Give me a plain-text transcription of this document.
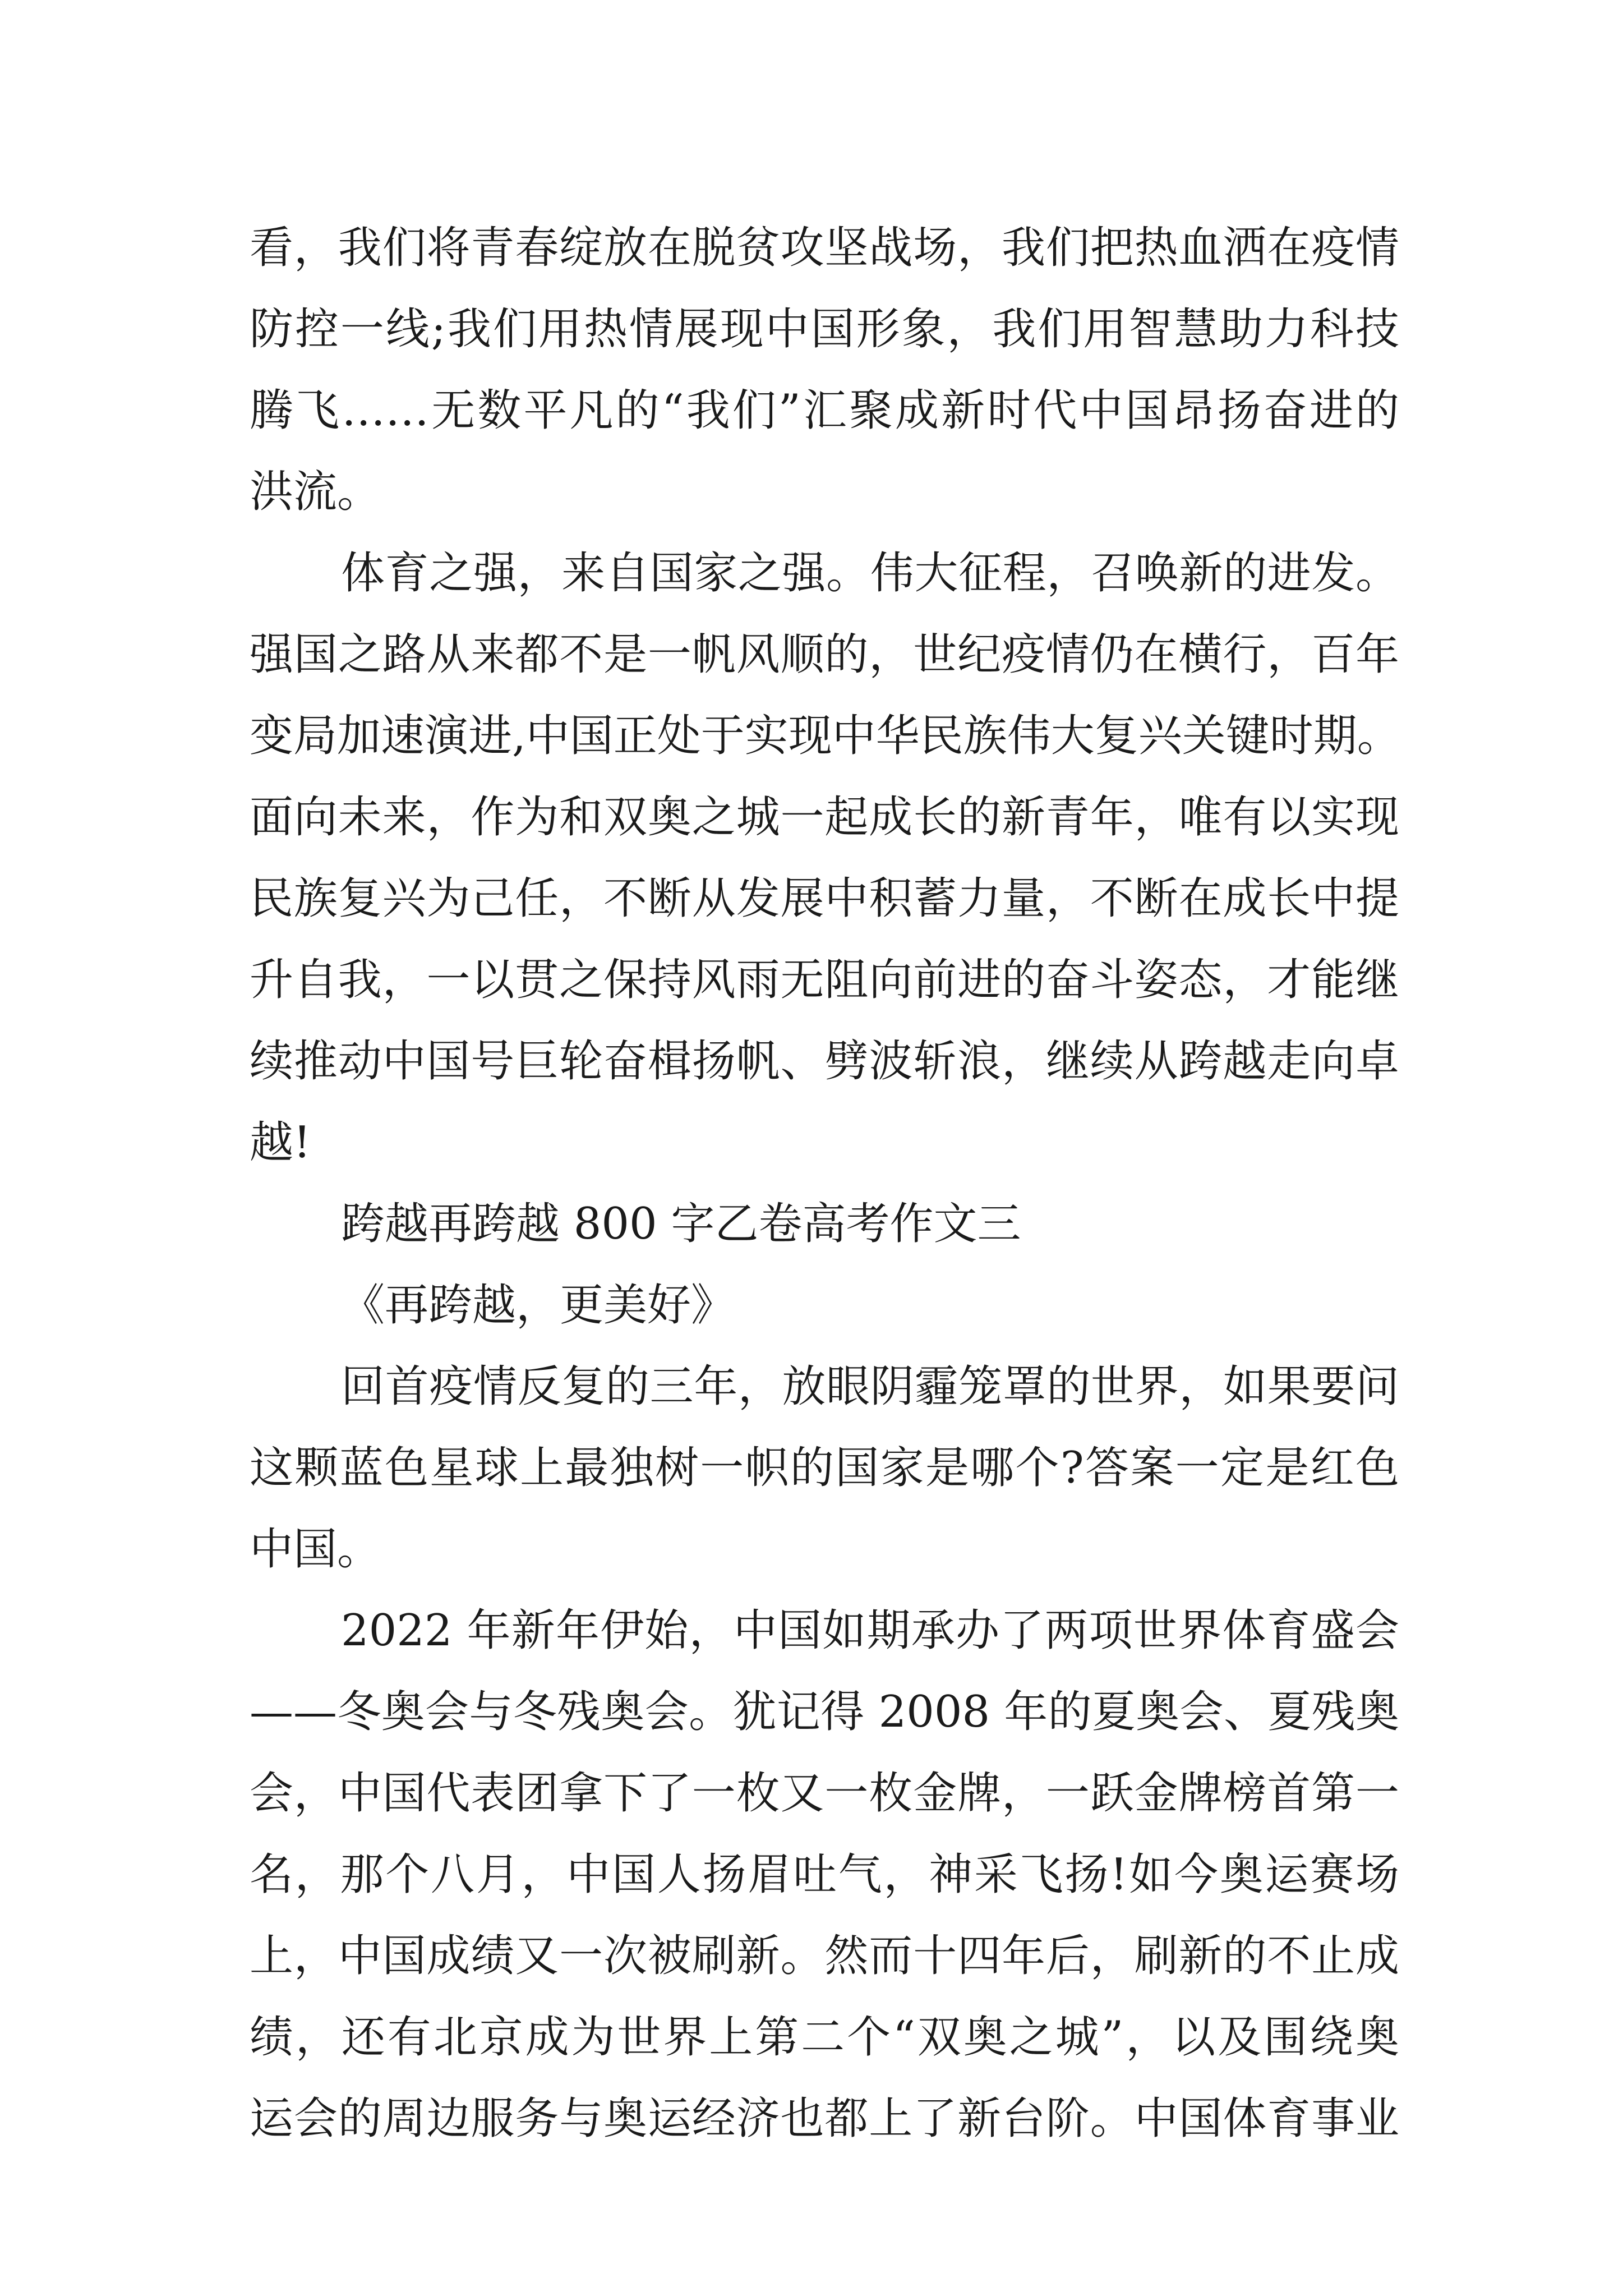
看，我们将青春绽放在脱贫攻坚战场，我们把热血洒在疫情
防控一线;我们用热情展现中国形象，我们用智慧助力科技
腾飞……无数平凡的“我们”汇聚成新时代中国昂扬奋进的
洪流。
体育之强，来自国家之强。伟大征程，召唤新的进发。
强国之路从来都不是一帆风顺的，世纪疫情仍在横行，百年
变局加速演进,中国正处于实现中华民族伟大复兴关键时期。
面向未来，作为和双奥之城一起成长的新青年，唯有以实现
民族复兴为己任，不断从发展中积蓄力量，不断在成长中提
升自我，一以贯之保持风雨无阻向前进的奋斗姿态，才能继
续推动中国号巨轮奋楫扬帆、劈波斩浪，继续从跨越走向卓
越!
跨越再跨越 800 字乙卷高考作文三
《再跨越，更美好》
回首疫情反复的三年，放眼阴霾笼罩的世界，如果要问
这颗蓝色星球上最独树一帜的国家是哪个?答案一定是红色
中国。
2022 年新年伊始，中国如期承办了两项世界体育盛会
——冬奥会与冬残奥会。犹记得 2008 年的夏奥会、夏残奥
会，中国代表团拿下了一枚又一枚金牌，一跃金牌榜首第一
名，那个八月，中国人扬眉吐气，神采飞扬!如今奥运赛场
上，中国成绩又一次被刷新。然而十四年后，刷新的不止成
绩，还有北京成为世界上第二个“双奥之城”，以及围绕奥
运会的周边服务与奥运经济也都上了新台阶。中国体育事业
